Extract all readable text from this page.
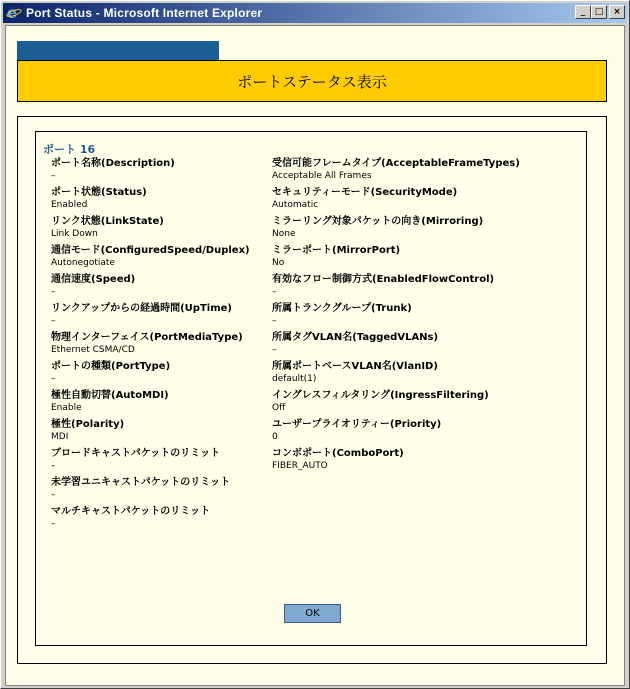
e Port Status - Microsoft Internet Explorer	_	□	×
ポートステータス表示
ポート 16
ポート名称(Description)
–
ポート状態(Status)
Enabled
リンク状態(LinkState)
Link Down
通信モード(ConfiguredSpeed/Duplex)
Autonegotiate
通信速度(Speed)
–
リンクアップからの経過時間(UpTime)
–
物理インターフェイス(PortMediaType)
Ethernet CSMA/CD
ポートの種類(PortType)
–
極性自動切替(AutoMDI)
Enable
極性(Polarity)
MDI
ブロードキャストパケットのリミット
–
未学習ユニキャストパケットのリミット
–
マルチキャストパケットのリミット
–
受信可能フレームタイプ(AcceptableFrameTypes)
Acceptable All Frames
セキュリティーモード(SecurityMode)
Automatic
ミラーリング対象パケットの向き(Mirroring)
None
ミラーポート(MirrorPort)
No
有効なフロー制御方式(EnabledFlowControl)
–
所属トランクグループ(Trunk)
–
所属タグVLAN名(TaggedVLANs)
–
所属ポートベースVLAN名(VlanID)
default(1)
イングレスフィルタリング(IngressFiltering)
Off
ユーザープライオリティー(Priority)
0
コンボポート(ComboPort)
FIBER_AUTO
OK
